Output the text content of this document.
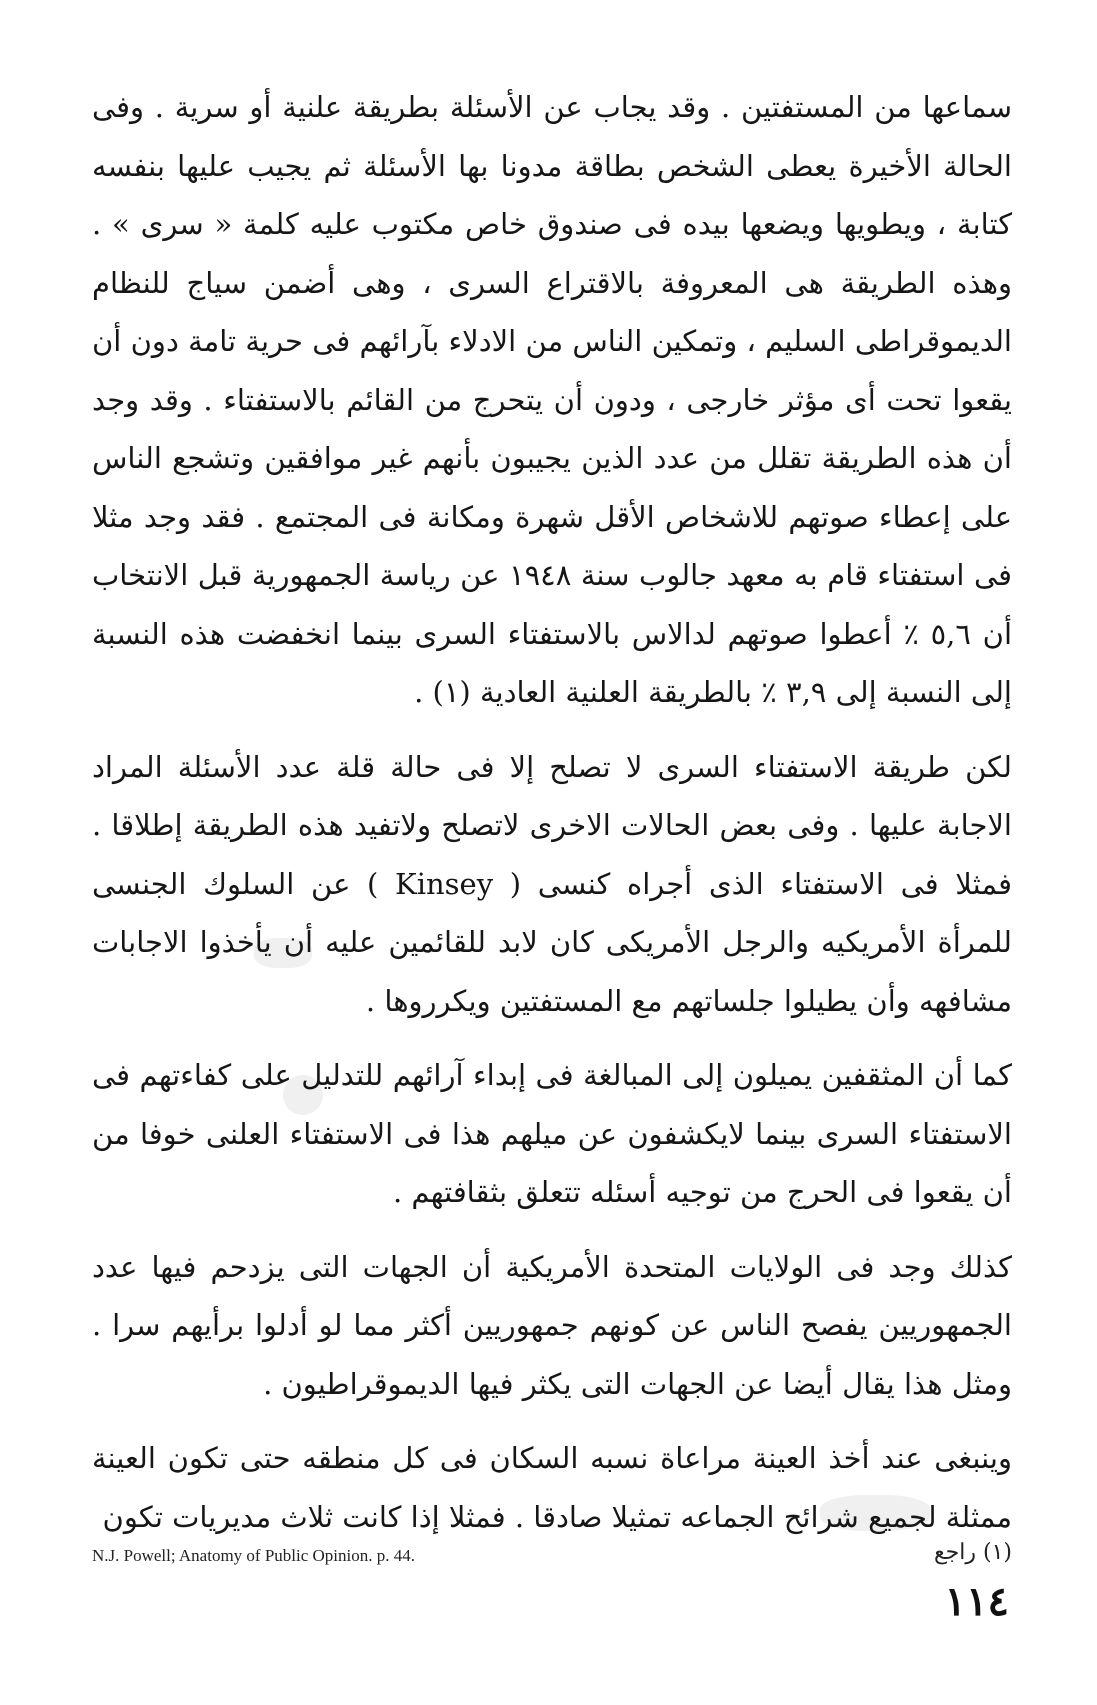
سماعها من المستفتين . وقد يجاب عن الأسئلة بطريقة علنية أو سرية . وفى الحالة الأخيرة يعطى الشخص بطاقة مدونا بها الأسئلة ثم يجيب عليها بنفسه كتابة ، ويطويها ويضعها بيده فى صندوق خاص مكتوب عليه كلمة « سرى » . وهذه الطريقة هى المعروفة بالاقتراع السرى ، وهى أضمن سياج للنظام الديموقراطى السليم ، وتمكين الناس من الادلاء بآرائهم فى حرية تامة دون أن يقعوا تحت أى مؤثر خارجى ، ودون أن يتحرج من القائم بالاستفتاء . وقد وجد أن هذه الطريقة تقلل من عدد الذين يجيبون بأنهم غير موافقين وتشجع الناس على إعطاء صوتهم للاشخاص الأقل شهرة ومكانة فى المجتمع . فقد وجد مثلا فى استفتاء قام به معهد جالوب سنة ١٩٤٨ عن رياسة الجمهورية قبل الانتخاب أن ٥,٦ ٪ أعطوا صوتهم لدالاس بالاستفتاء السرى بينما انخفضت هذه النسبة إلى النسبة إلى ٣,٩ ٪ بالطريقة العلنية العادية (١) .

لكن طريقة الاستفتاء السرى لا تصلح إلا فى حالة قلة عدد الأسئلة المراد الاجابة عليها . وفى بعض الحالات الاخرى لاتصلح ولاتفيد هذه الطريقة إطلاقا . فمثلا فى الاستفتاء الذى أجراه كنسى ( Kinsey ) عن السلوك الجنسى للمرأة الأمريكيه والرجل الأمريكى كان لابد للقائمين عليه أن يأخذوا الاجابات مشافهه وأن يطيلوا جلساتهم مع المستفتين ويكرروها .

كما أن المثقفين يميلون إلى المبالغة فى إبداء آرائهم للتدليل على كفاءتهم فى الاستفتاء السرى بينما لايكشفون عن ميلهم هذا فى الاستفتاء العلنى خوفا من أن يقعوا فى الحرج من توجيه أسئله تتعلق بثقافتهم .

كذلك وجد فى الولايات المتحدة الأمريكية أن الجهات التى يزدحم فيها عدد الجمهوريين يفصح الناس عن كونهم جمهوريين أكثر مما لو أدلوا برأيهم سرا . ومثل هذا يقال أيضا عن الجهات التى يكثر فيها الديموقراطيون .

وينبغى عند أخذ العينة مراعاة نسبه السكان فى كل منطقه حتى تكون العينة ممثلة لجميع شرائح الجماعه تمثيلا صادقا . فمثلا إذا كانت ثلاث مديريات تكون

N.J. Powell; Anatomy of Public Opinion. p. 44.	(١) راجع
١١٤
